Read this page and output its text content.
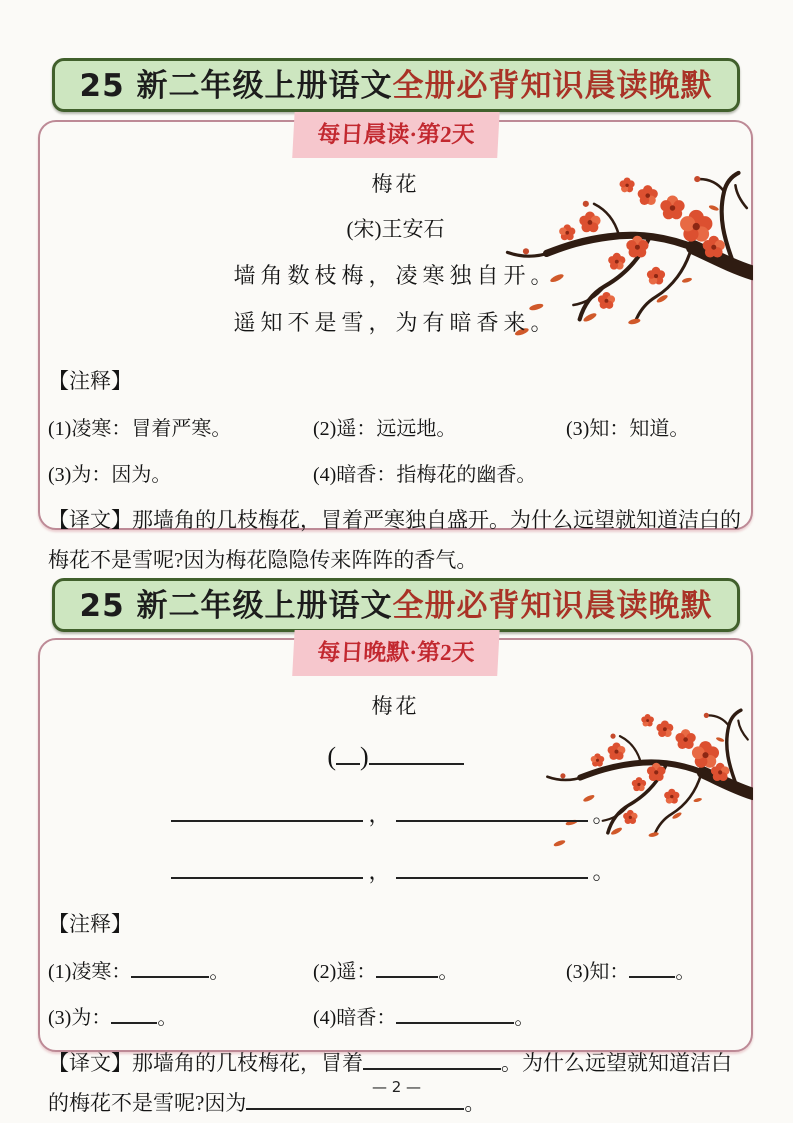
25 新二年级上册语文全册必背知识晨读晚默
每日晨读·第2天
梅花
(宋)王安石
墙角数枝梅，凌寒独自开。
遥知不是雪，为有暗香来。
【注释】
(1)凌寒：冒着严寒。	(2)遥：远远地。	(3)知：知道。
(3)为：因为。	(4)暗香：指梅花的幽香。
【译文】那墙角的几枝梅花，冒着严寒独自盛开。为什么远望就知道洁白的梅花不是雪呢?因为梅花隐隐传来阵阵的香气。
25 新二年级上册语文全册必背知识晨读晚默
每日晚默·第2天
梅花
( )
，	。
，	。
【注释】
(1)凌寒：	。	(2)遥：	。	(3)知： 。
(3)为： 。	(4)暗香：	。
【译文】那墙角的几枝梅花，冒着	。为什么远望就知道洁白的梅花不是雪呢?因为	。
— 2 —
